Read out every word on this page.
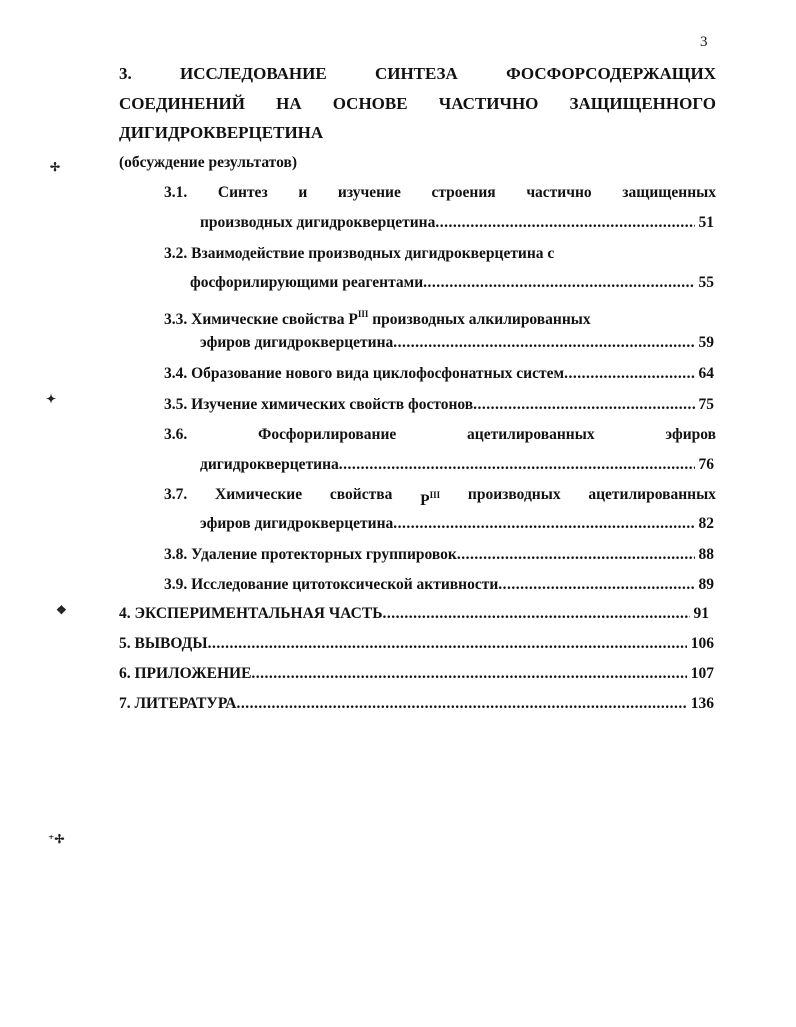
3
3.	ИССЛЕДОВАНИЕ	СИНТЕЗА	ФОСФОРСОДЕРЖАЩИХ
СОЕДИНЕНИЙ НА ОСНОВЕ ЧАСТИЧНО ЗАЩИЩЕННОГО
ДИГИДРОКВЕРЦЕТИНА
(обсуждение результатов)
3.1. Синтез и изучение строения частично защищенных
производных дигидрокверцетина .....	51
3.2. Взаимодействие производных дигидрокверцетина с
фосфорилирующими реагентами .....	55
3.3. Химические свойства $P^{III}$ производных алкилированных
эфиров дигидрокверцетина .....	59
3.4. Образование нового вида циклофосфонатных систем .....	64
3.5. Изучение химических свойств фостонов .....	75
3.6.	Фосфорилирование	ацетилированных	эфиров
дигидрокверцетина .....	76
3.7. Химические свойства $P^{III}$ производных ацетилированных
эфиров дигидрокверцетина .....	82
3.8. Удаление протекторных группировок .....	88
3.9. Исследование цитотоксической активности .....	89
4. ЭКСПЕРИМЕНТАЛЬНАЯ ЧАСТЬ .....	91
5. ВЫВОДЫ .....	106
6. ПРИЛОЖЕНИЕ .....	107
7. ЛИТЕРАТУРА .....	136
✢
✦
❖
⁺✢
